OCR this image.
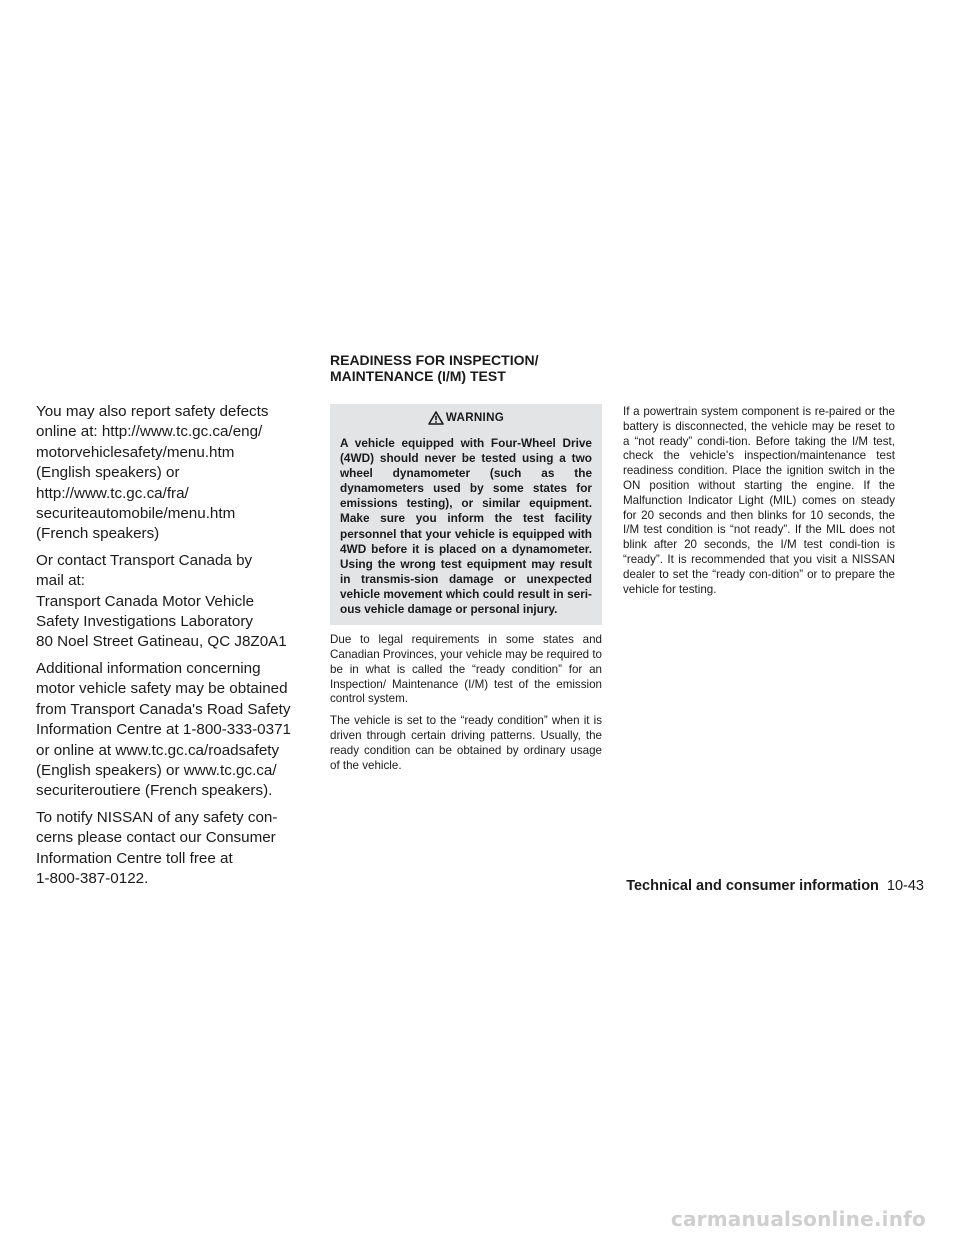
You may also report safety defects
online at: http://www.tc.gc.ca/eng/
motorvehiclesafety/menu.htm
(English speakers) or
http://www.tc.gc.ca/fra/
securiteautomobile/menu.htm
(French speakers)

Or contact Transport Canada by
mail at:
Transport Canada Motor Vehicle
Safety Investigations Laboratory
80 Noel Street Gatineau, QC J8Z0A1

Additional information concerning
motor vehicle safety may be obtained
from Transport Canada's Road Safety
Information Centre at 1-800-333-0371
or online at www.tc.gc.ca/roadsafety
(English speakers) or www.tc.gc.ca/
securiteroutiere (French speakers).

To notify NISSAN of any safety con-
cerns please contact our Consumer
Information Centre toll free at
1-800-387-0122.

READINESS FOR INSPECTION/
MAINTENANCE (I/M) TEST
WARNING
A vehicle equipped with Four-Wheel Drive (4WD) should never be tested using a two wheel dynamometer (such as the dynamometers used by some states for emissions testing), or similar equipment. Make sure you inform the test facility personnel that your vehicle is equipped with 4WD before it is placed on a dynamometer. Using the wrong test equipment may result in transmis-sion damage or unexpected vehicle movement which could result in seri-ous vehicle damage or personal injury.

Due to legal requirements in some states and Canadian Provinces, your vehicle may be required to be in what is called the “ready condition” for an Inspection/ Maintenance (I/M) test of the emission control system.

The vehicle is set to the “ready condition” when it is driven through certain driving patterns. Usually, the ready condition can be obtained by ordinary usage of the vehicle.

If a powertrain system component is re-paired or the battery is disconnected, the vehicle may be reset to a “not ready” condi-tion. Before taking the I/M test, check the vehicle's inspection/maintenance test readiness condition. Place the ignition switch in the ON position without starting the engine. If the Malfunction Indicator Light (MIL) comes on steady for 20 seconds and then blinks for 10 seconds, the I/M test condition is “not ready”. If the MIL does not blink after 20 seconds, the I/M test condi-tion is “ready”. It is recommended that you visit a NISSAN dealer to set the “ready con-dition” or to prepare the vehicle for testing.

Technical and consumer information 10-43
carmanualsonline.info
